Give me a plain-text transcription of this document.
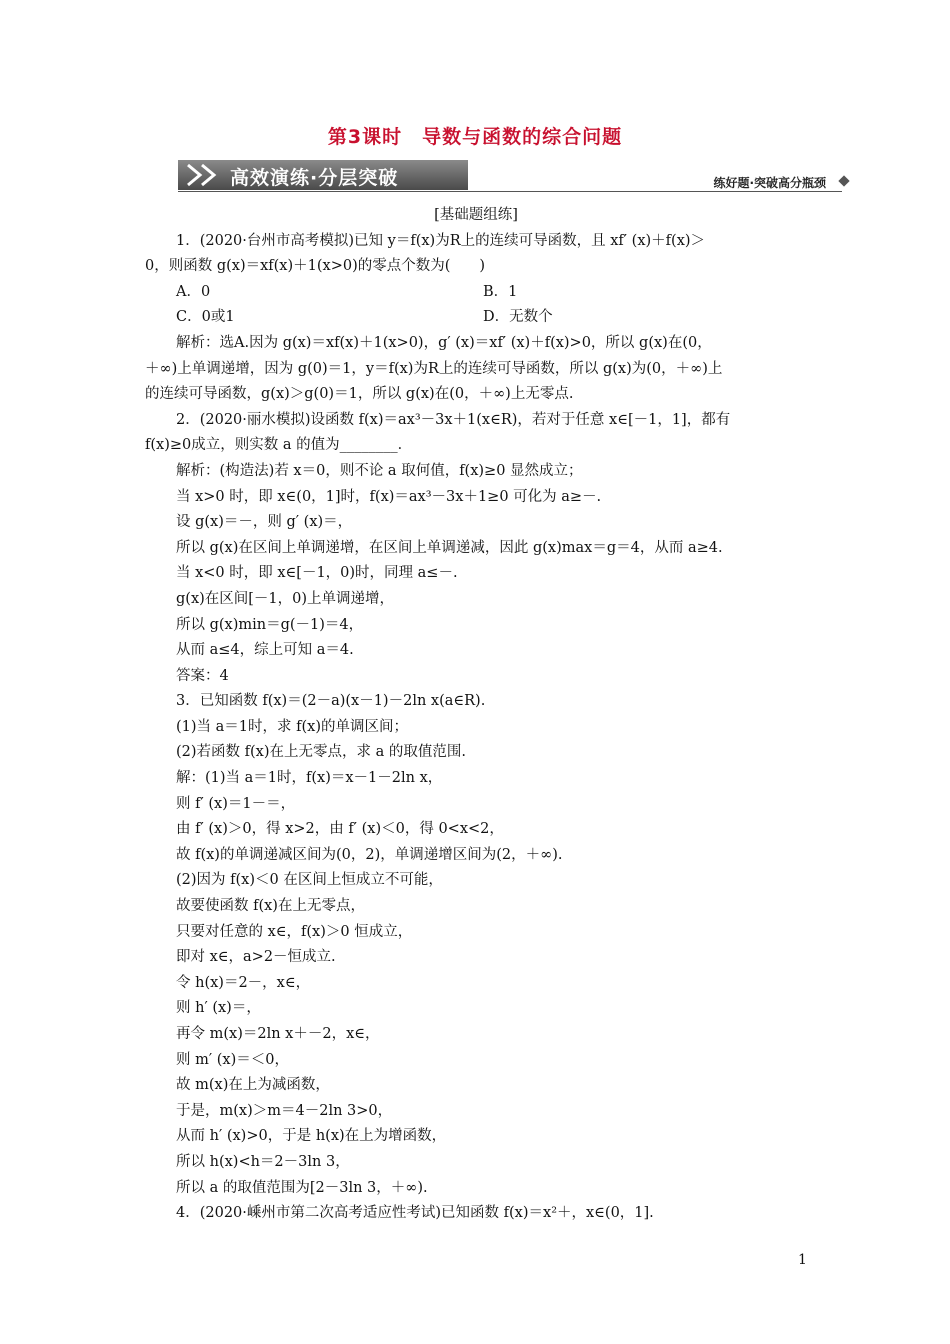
第3课时　导数与函数的综合问题
高效演练·分层突破	练好题·突破高分瓶颈
[基础题组练]
1．(2020·台州市高考模拟)已知 y＝f(x)为R上的连续可导函数，且 xf′ (x)＋f(x)＞
0，则函数 g(x)＝xf(x)＋1(x>0)的零点个数为(　　)
A．0	B．1
C．0或1	D．无数个
解析：选A.因为 g(x)＝xf(x)＋1(x>0)，g′ (x)＝xf′ (x)＋f(x)>0，所以 g(x)在(0，
＋∞)上单调递增，因为 g(0)＝1，y＝f(x)为R上的连续可导函数，所以 g(x)为(0，＋∞)上
的连续可导函数，g(x)＞g(0)＝1，所以 g(x)在(0，＋∞)上无零点.
2．(2020·丽水模拟)设函数 f(x)＝ax³－3x＋1(x∈R)，若对于任意 x∈[－1，1]，都有
f(x)≥0成立，则实数 a 的值为________．
解析：(构造法)若 x＝0，则不论 a 取何值，f(x)≥0 显然成立；
当 x>0 时，即 x∈(0，1]时，f(x)＝ax³－3x＋1≥0 可化为 a≥－.
设 g(x)＝－，则 g′ (x)＝，
所以 g(x)在区间上单调递增，在区间上单调递减，因此 g(x)max＝g＝4，从而 a≥4.
当 x<0 时，即 x∈[－1，0)时，同理 a≤－.
g(x)在区间[－1，0)上单调递增，
所以 g(x)min＝g(－1)＝4，
从而 a≤4，综上可知 a＝4.
答案：4
3．已知函数 f(x)＝(2－a)(x－1)－2ln x(a∈R).
(1)当 a＝1时，求 f(x)的单调区间；
(2)若函数 f(x)在上无零点，求 a 的取值范围.
解：(1)当 a＝1时，f(x)＝x－1－2ln x，
则 f′ (x)＝1－＝，
由 f′ (x)＞0，得 x>2，由 f′ (x)＜0，得 0<x<2，
故 f(x)的单调递减区间为(0，2)，单调递增区间为(2，＋∞).
(2)因为 f(x)＜0 在区间上恒成立不可能，
故要使函数 f(x)在上无零点，
只要对任意的 x∈，f(x)＞0 恒成立，
即对 x∈，a>2－恒成立.
令 h(x)＝2－，x∈，
则 h′ (x)＝，
再令 m(x)＝2ln x＋－2，x∈，
则 m′ (x)＝＜0，
故 m(x)在上为减函数，
于是，m(x)＞m＝4－2ln 3>0，
从而 h′ (x)>0，于是 h(x)在上为增函数，
所以 h(x)<h＝2－3ln 3，
所以 a 的取值范围为[2－3ln 3，＋∞).
4．(2020·嵊州市第二次高考适应性考试)已知函数 f(x)＝x²＋，x∈(0，1].
1
